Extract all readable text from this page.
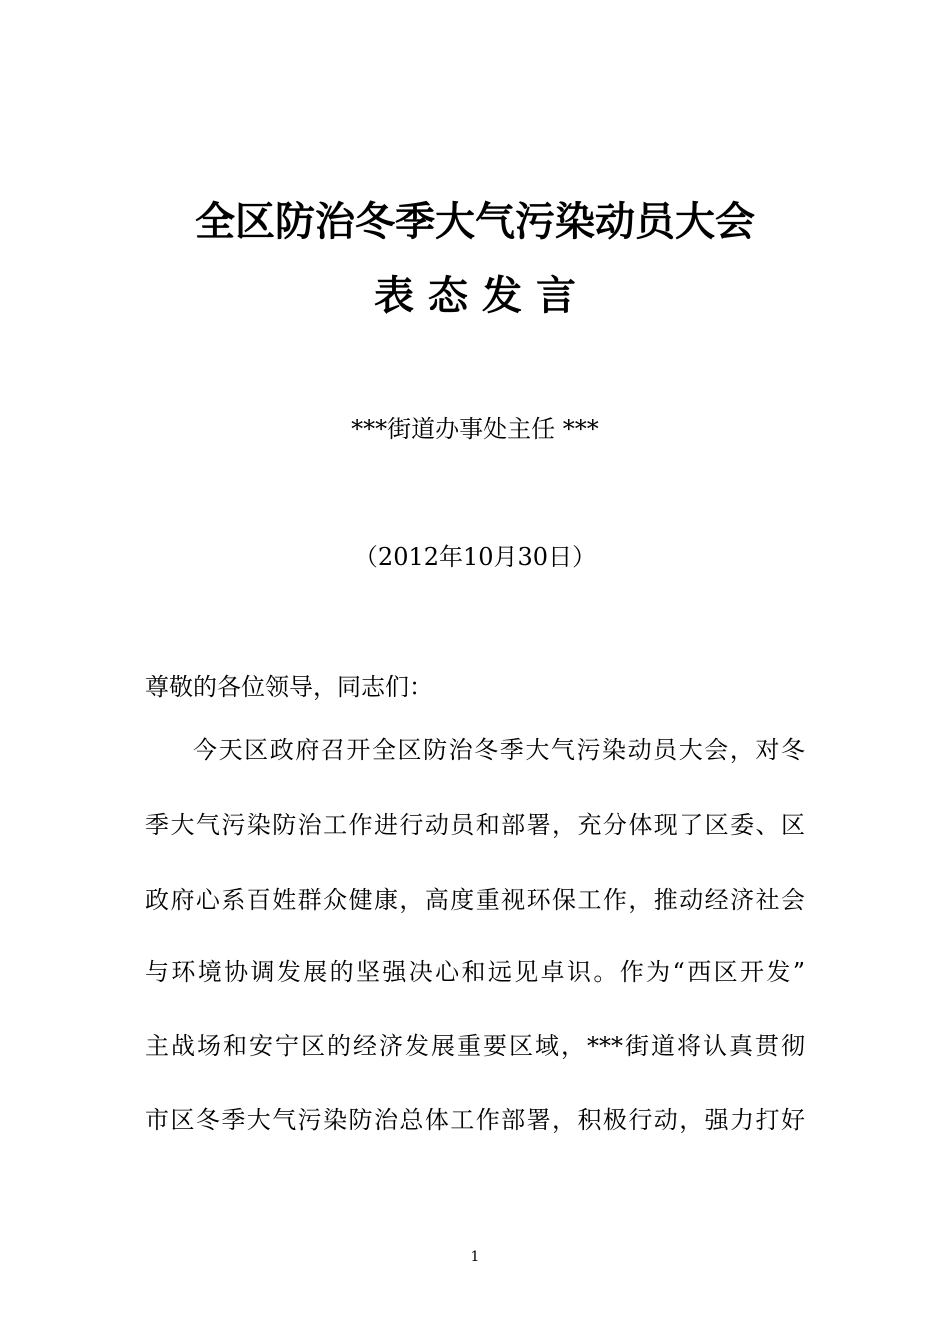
全区防治冬季大气污染动员大会
表态发言
***街道办事处主任 ***
（2012年10月30日）
尊敬的各位领导，同志们：
今天区政府召开全区防治冬季大气污染动员大会，对冬
季大气污染防治工作进行动员和部署，充分体现了区委、区
政府心系百姓群众健康，高度重视环保工作，推动经济社会
与环境协调发展的坚强决心和远见卓识。作为“西区开发”
主战场和安宁区的经济发展重要区域，***街道将认真贯彻
市区冬季大气污染防治总体工作部署，积极行动，强力打好
1
